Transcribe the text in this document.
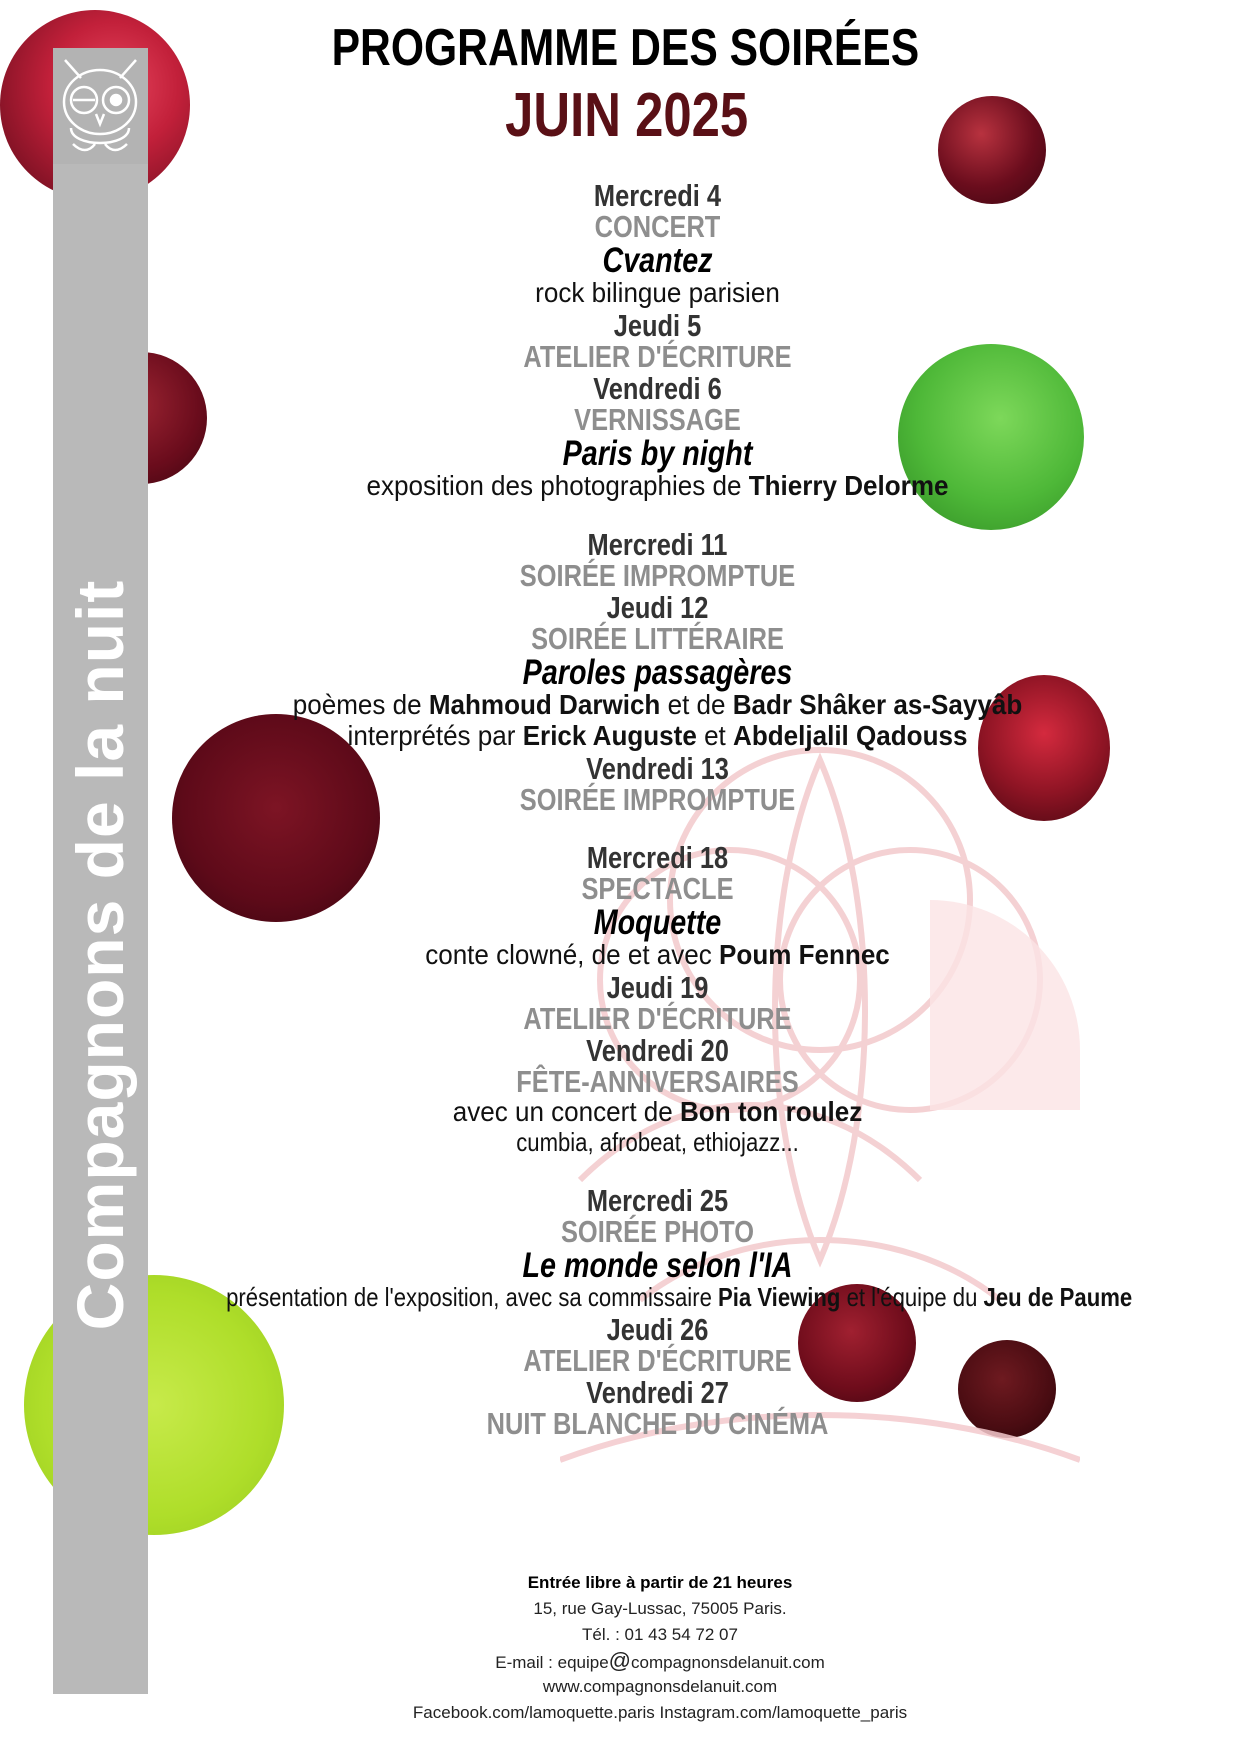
Compagnons de la nuit
PROGRAMME DES SOIRÉES
JUIN 2025
Mercredi 4
CONCERT
Cvantez
rock bilingue parisien
Jeudi 5
ATELIER D'ÉCRITURE
Vendredi 6
VERNISSAGE
Paris by night
exposition des photographies de Thierry Delorme
Mercredi 11
SOIRÉE IMPROMPTUE
Jeudi 12
SOIRÉE LITTÉRAIRE
Paroles passagères
poèmes de Mahmoud Darwich et de Badr Shâker as-Sayyâb
interprétés par Erick Auguste et Abdeljalil Qadouss
Vendredi 13
SOIRÉE IMPROMPTUE
Mercredi 18
SPECTACLE
Moquette
conte clowné, de et avec Poum Fennec
Jeudi 19
ATELIER D'ÉCRITURE
Vendredi 20
FÊTE-ANNIVERSAIRES
avec un concert de Bon ton roulez
cumbia, afrobeat, ethiojazz...
Mercredi 25
SOIRÉE PHOTO
Le monde selon l'IA
présentation de l'exposition, avec sa commissaire Pia Viewing et l'équipe du Jeu de Paume
Jeudi 26
ATELIER D'ÉCRITURE
Vendredi 27
NUIT BLANCHE DU CINÉMA
Entrée libre à partir de 21 heures
15, rue Gay-Lussac, 75005 Paris.
Tél. : 01 43 54 72 07
E-mail : equipe@compagnonsdelanuit.com
www.compagnonsdelanuit.com
Facebook.com/lamoquette.paris Instagram.com/lamoquette_paris
